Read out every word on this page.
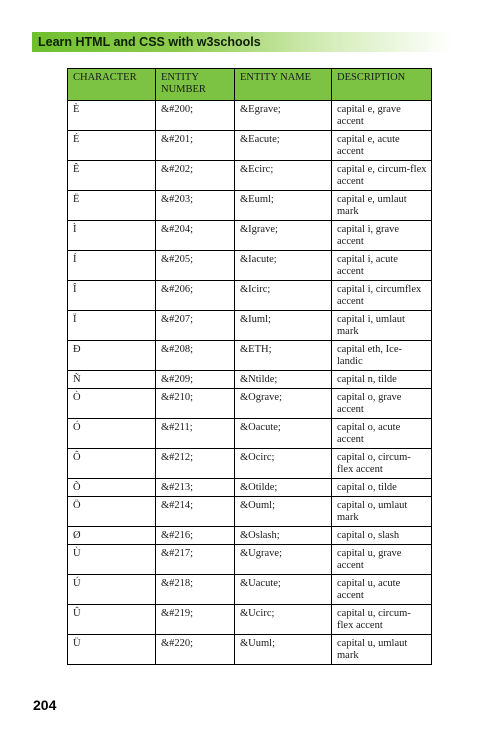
Learn HTML and CSS with w3schools
CHARACTER	ENTITY NUMBER	ENTITY NAME	DESCRIPTION
È	&#200;	&Egrave;	capital e, grave accent
É	&#201;	&Eacute;	capital e, acute accent
Ê	&#202;	&Ecirc;	capital e, circum-flex accent
Ë	&#203;	&Euml;	capital e, umlaut mark
Ì	&#204;	&Igrave;	capital i, grave accent
Í	&#205;	&Iacute;	capital i, acute accent
Î	&#206;	&Icirc;	capital i, circumflex accent
Ï	&#207;	&Iuml;	capital i, umlaut mark
Ð	&#208;	&ETH;	capital eth, Ice-landic
Ñ	&#209;	&Ntilde;	capital n, tilde
Ò	&#210;	&Ograve;	capital o, grave accent
Ó	&#211;	&Oacute;	capital o, acute accent
Ô	&#212;	&Ocirc;	capital o, circum-flex accent
Õ	&#213;	&Otilde;	capital o, tilde
Ö	&#214;	&Ouml;	capital o, umlaut mark
Ø	&#216;	&Oslash;	capital o, slash
Ù	&#217;	&Ugrave;	capital u, grave accent
Ú	&#218;	&Uacute;	capital u, acute accent
Û	&#219;	&Ucirc;	capital u, circum-flex accent
Ü	&#220;	&Uuml;	capital u, umlaut mark
204
